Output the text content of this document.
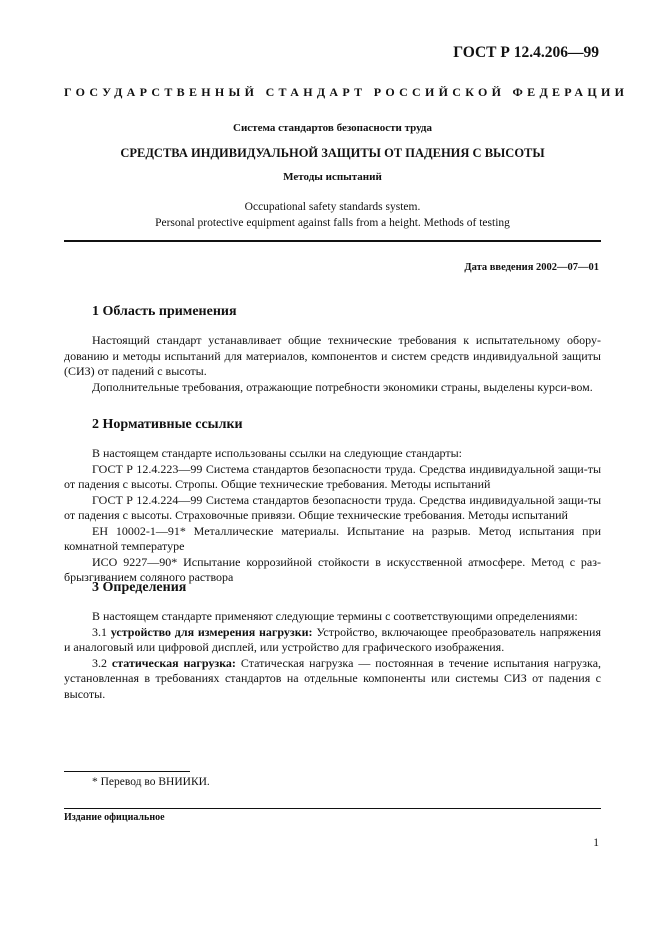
ГОСТ Р 12.4.206—99
ГОСУДАРСТВЕННЫЙ СТАНДАРТ РОССИЙСКОЙ ФЕДЕРАЦИИ
Система стандартов безопасности труда
СРЕДСТВА ИНДИВИДУАЛЬНОЙ ЗАЩИТЫ ОТ ПАДЕНИЯ С ВЫСОТЫ
Методы испытаний
Occupational safety standards system.
Personal protective equipment against falls from a height. Methods of testing
Дата введения 2002—07—01
1 Область применения

Настоящий стандарт устанавливает общие технические требования к испытательному обору-дованию и методы испытаний для материалов, компонентов и систем средств индивидуальной защиты (СИЗ) от падений с высоты.

Дополнительные требования, отражающие потребности экономики страны, выделены курси-вом.

2 Нормативные ссылки

В настоящем стандарте использованы ссылки на следующие стандарты:

ГОСТ Р 12.4.223—99 Система стандартов безопасности труда. Средства индивидуальной защи-ты от падения с высоты. Стропы. Общие технические требования. Методы испытаний

ГОСТ Р 12.4.224—99 Система стандартов безопасности труда. Средства индивидуальной защи-ты от падения с высоты. Страховочные привязи. Общие технические требования. Методы испытаний

ЕН 10002-1—91* Металлические материалы. Испытание на разрыв. Метод испытания при комнатной температуре

ИСО 9227—90* Испытание коррозийной стойкости в искусственной атмосфере. Метод с раз-брызгиванием соляного раствора

3 Определения

В настоящем стандарте применяют следующие термины с соответствующими определениями:

3.1 устройство для измерения нагрузки: Устройство, включающее преобразователь напряжения и аналоговый или цифровой дисплей, или устройство для графического изображения.

3.2 статическая нагрузка: Статическая нагрузка — постоянная в течение испытания нагрузка, установленная в требованиях стандартов на отдельные компоненты или системы СИЗ от падения с высоты.

* Перевод во ВНИИКИ.
Издание официальное
1
